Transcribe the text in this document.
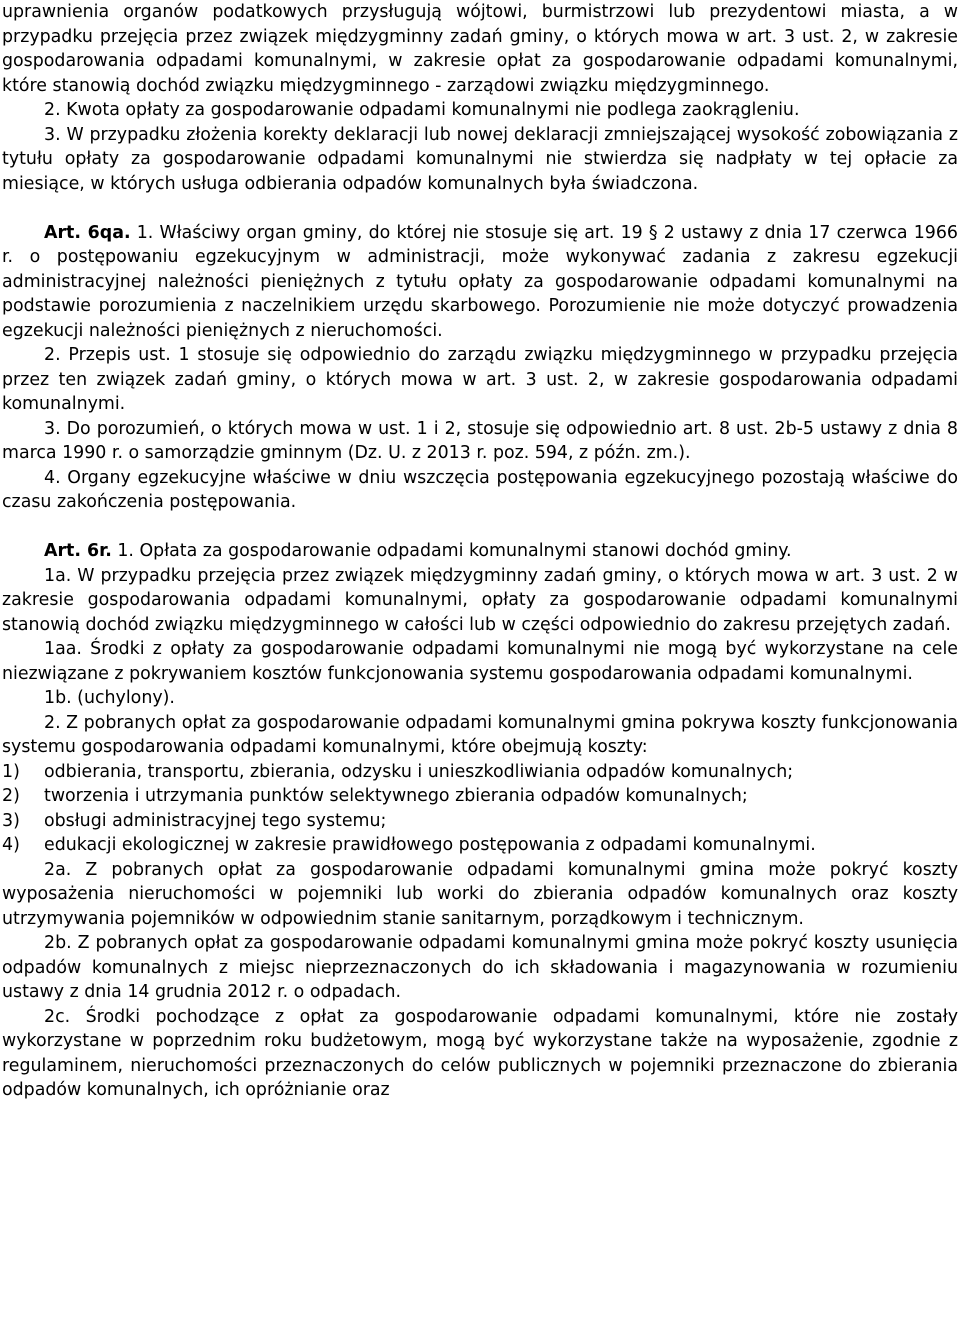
uprawnienia organów podatkowych przysługują wójtowi, burmistrzowi lub prezydentowi miasta, a w przypadku przejęcia przez związek międzygminny zadań gminy, o których mowa w art. 3 ust. 2, w zakresie gospodarowania odpadami komunalnymi, w zakresie opłat za gospodarowanie odpadami komunalnymi, które stanowią dochód związku międzygminnego - zarządowi związku międzygminnego.

2. Kwota opłaty za gospodarowanie odpadami komunalnymi nie podlega zaokrągleniu.

3. W przypadku złożenia korekty deklaracji lub nowej deklaracji zmniejszającej wysokość zobowiązania z tytułu opłaty za gospodarowanie odpadami komunalnymi nie stwierdza się nadpłaty w tej opłacie za miesiące, w których usługa odbierania odpadów komunalnych była świadczona.

Art. 6qa. 1. Właściwy organ gminy, do której nie stosuje się art. 19 § 2 ustawy z dnia 17 czerwca 1966 r. o postępowaniu egzekucyjnym w administracji, może wykonywać zadania z zakresu egzekucji administracyjnej należności pieniężnych z tytułu opłaty za gospodarowanie odpadami komunalnymi na podstawie porozumienia z naczelnikiem urzędu skarbowego. Porozumienie nie może dotyczyć prowadzenia egzekucji należności pieniężnych z nieruchomości.

2. Przepis ust. 1 stosuje się odpowiednio do zarządu związku międzygminnego w przypadku przejęcia przez ten związek zadań gminy, o których mowa w art. 3 ust. 2, w zakresie gospodarowania odpadami komunalnymi.

3. Do porozumień, o których mowa w ust. 1 i 2, stosuje się odpowiednio art. 8 ust. 2b-5 ustawy z dnia 8 marca 1990 r. o samorządzie gminnym (Dz. U. z 2013 r. poz. 594, z późn. zm.).

4. Organy egzekucyjne właściwe w dniu wszczęcia postępowania egzekucyjnego pozostają właściwe do czasu zakończenia postępowania.

Art. 6r. 1. Opłata za gospodarowanie odpadami komunalnymi stanowi dochód gminy.

1a. W przypadku przejęcia przez związek międzygminny zadań gminy, o których mowa w art. 3 ust. 2 w zakresie gospodarowania odpadami komunalnymi, opłaty za gospodarowanie odpadami komunalnymi stanowią dochód związku międzygminnego w całości lub w części odpowiednio do zakresu przejętych zadań.

1aa. Środki z opłaty za gospodarowanie odpadami komunalnymi nie mogą być wykorzystane na cele niezwiązane z pokrywaniem kosztów funkcjonowania systemu gospodarowania odpadami komunalnymi.

1b. (uchylony).

2. Z pobranych opłat za gospodarowanie odpadami komunalnymi gmina pokrywa koszty funkcjonowania systemu gospodarowania odpadami komunalnymi, które obejmują koszty:

1)	odbierania, transportu, zbierania, odzysku i unieszkodliwiania odpadów komunalnych;
2)	tworzenia i utrzymania punktów selektywnego zbierania odpadów komunalnych;
3)	obsługi administracyjnej tego systemu;
4)	edukacji ekologicznej w zakresie prawidłowego postępowania z odpadami komunalnymi.

2a. Z pobranych opłat za gospodarowanie odpadami komunalnymi gmina może pokryć koszty wyposażenia nieruchomości w pojemniki lub worki do zbierania odpadów komunalnych oraz koszty utrzymywania pojemników w odpowiednim stanie sanitarnym, porządkowym i technicznym.

2b. Z pobranych opłat za gospodarowanie odpadami komunalnymi gmina może pokryć koszty usunięcia odpadów komunalnych z miejsc nieprzeznaczonych do ich składowania i magazynowania w rozumieniu ustawy z dnia 14 grudnia 2012 r. o odpadach.

2c. Środki pochodzące z opłat za gospodarowanie odpadami komunalnymi, które nie zostały wykorzystane w poprzednim roku budżetowym, mogą być wykorzystane także na wyposażenie, zgodnie z regulaminem, nieruchomości przeznaczonych do celów publicznych w pojemniki przeznaczone do zbierania odpadów komunalnych, ich opróżnianie oraz
